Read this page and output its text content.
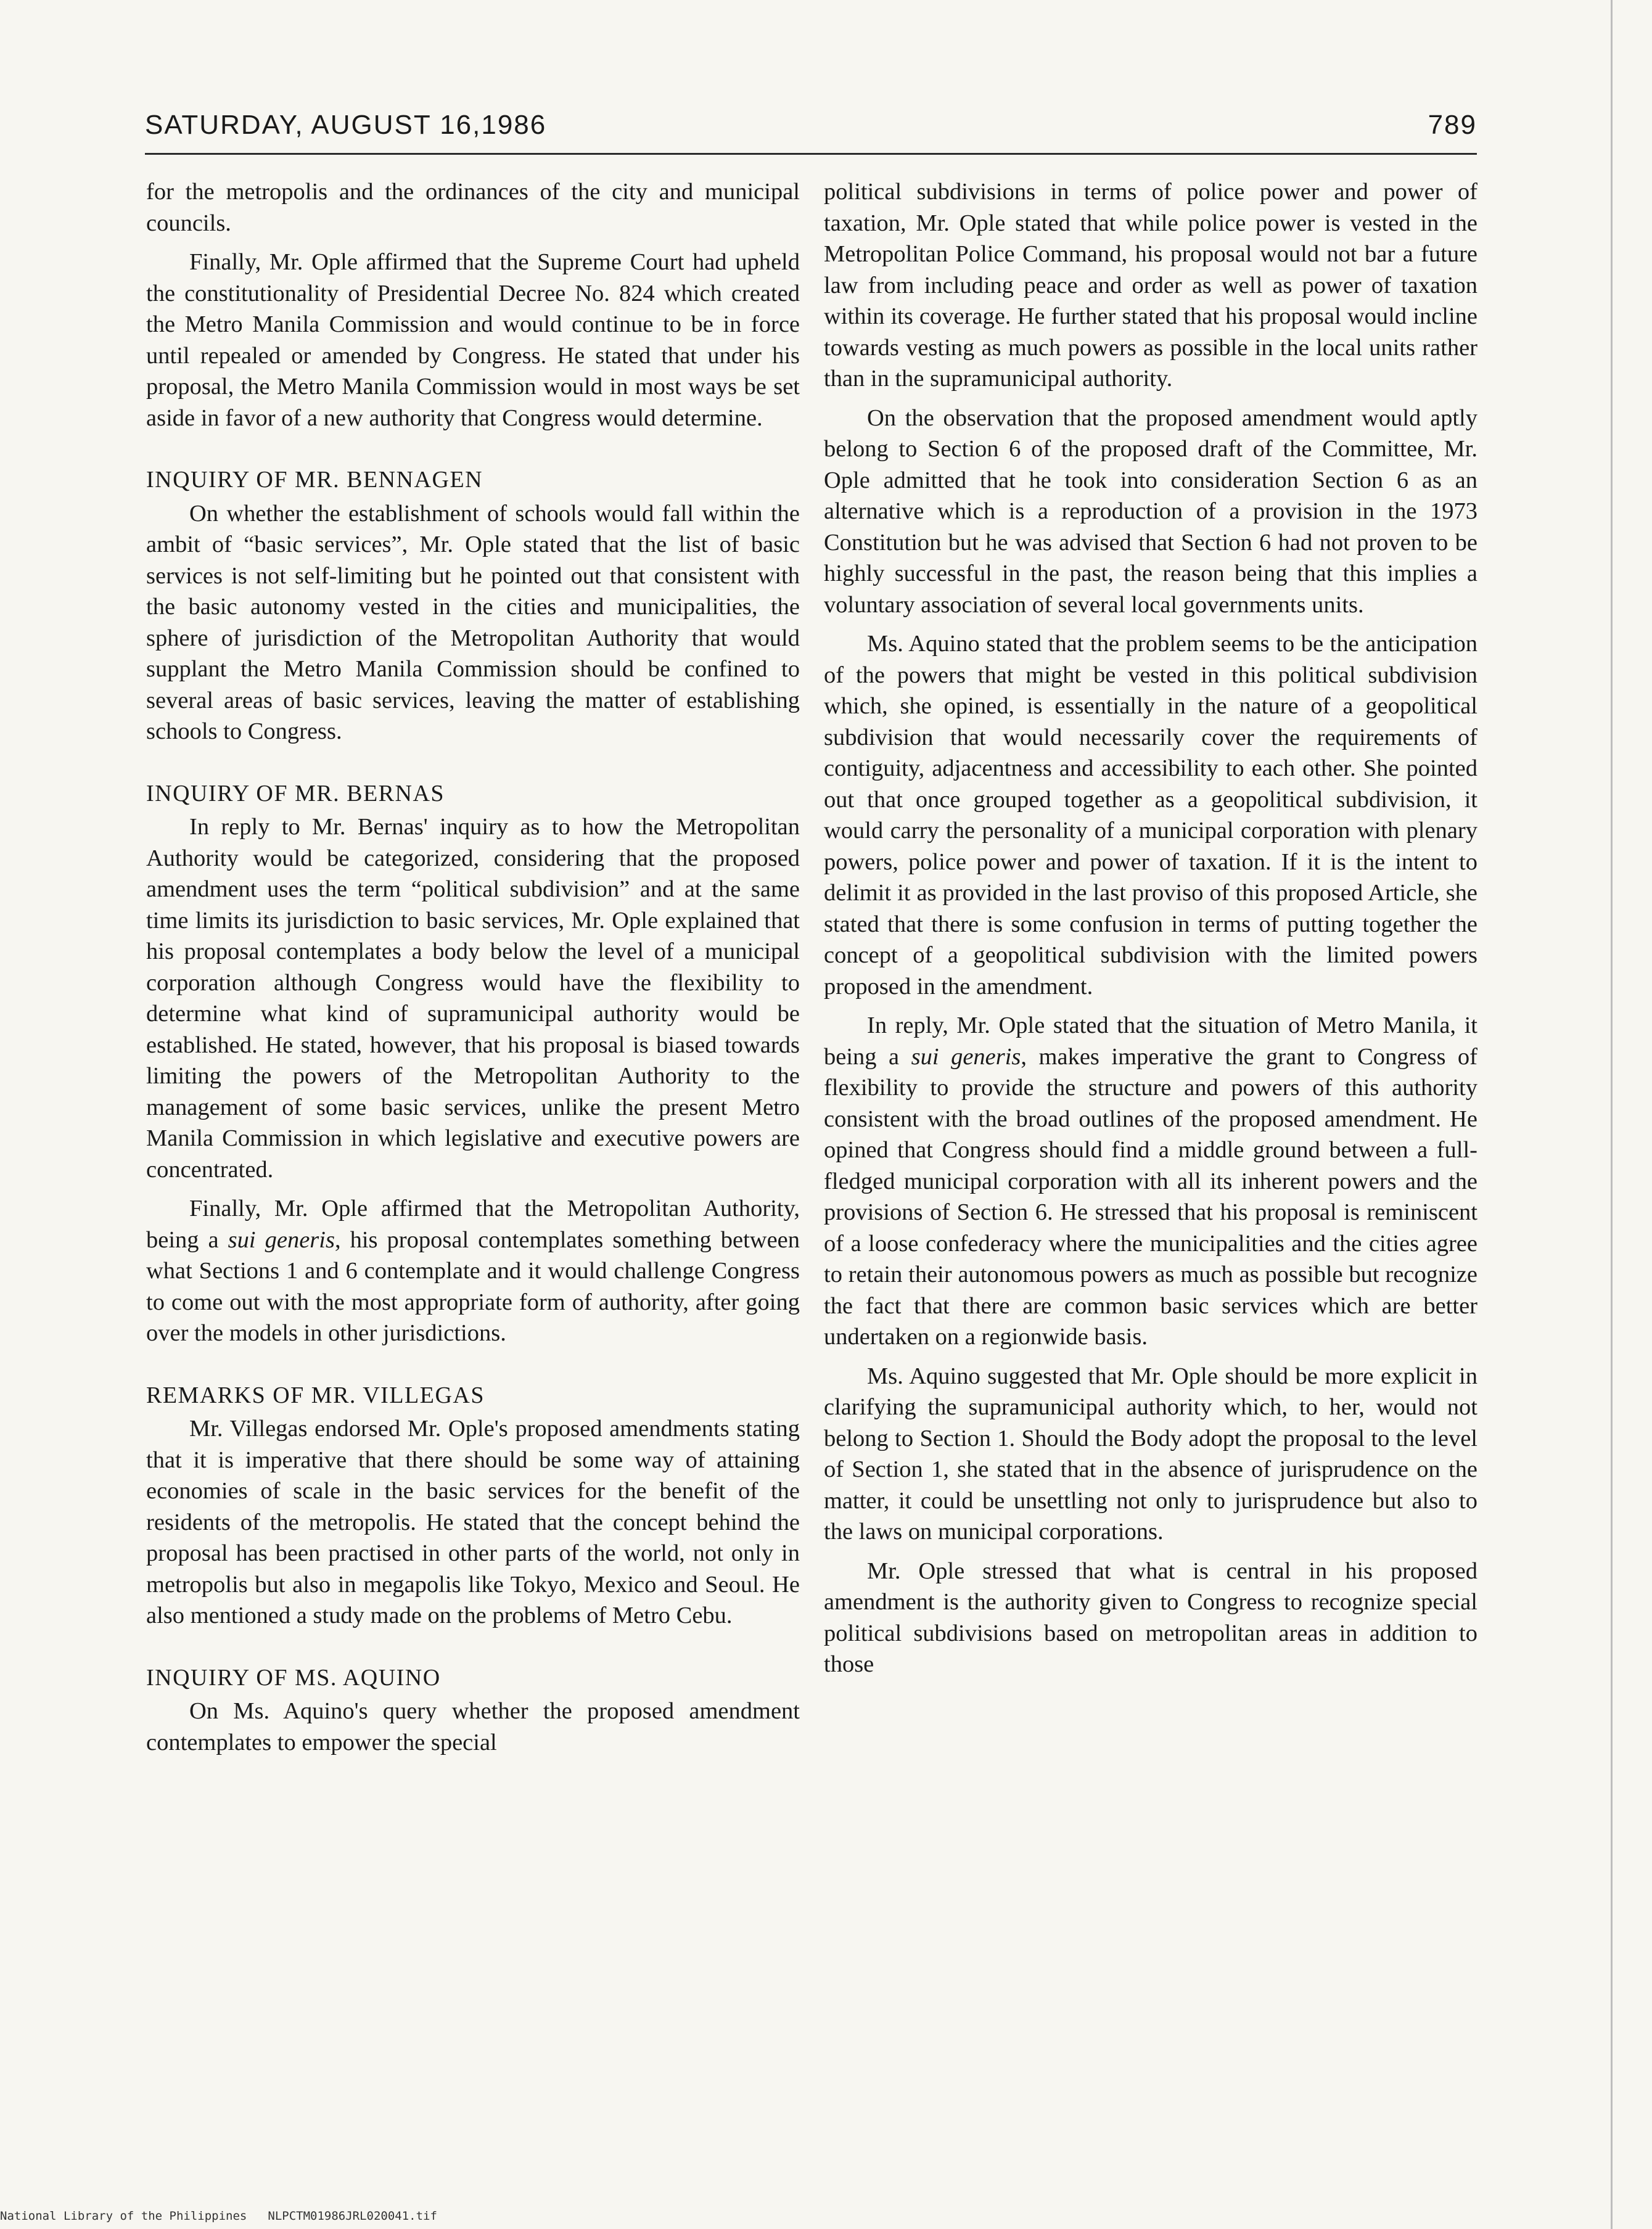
SATURDAY, AUGUST 16,1986	789

for the metropolis and the ordinances of the city and municipal councils.

Finally, Mr. Ople affirmed that the Supreme Court had upheld the constitutionality of Presidential Decree No. 824 which created the Metro Manila Commission and would continue to be in force until repealed or amended by Congress. He stated that under his proposal, the Metro Manila Commission would in most ways be set aside in favor of a new authority that Congress would determine.

INQUIRY OF MR. BENNAGEN

On whether the establishment of schools would fall within the ambit of “basic services”, Mr. Ople stated that the list of basic services is not self-limiting but he pointed out that consistent with the basic autonomy vested in the cities and municipalities, the sphere of jurisdiction of the Metropolitan Authority that would supplant the Metro Manila Commission should be confined to several areas of basic services, leaving the matter of establishing schools to Congress.

INQUIRY OF MR. BERNAS

In reply to Mr. Bernas' inquiry as to how the Metropolitan Authority would be categorized, considering that the proposed amendment uses the term “political subdivision” and at the same time limits its jurisdiction to basic services, Mr. Ople explained that his proposal contemplates a body below the level of a municipal corporation although Congress would have the flexibility to determine what kind of supramunicipal authority would be established. He stated, however, that his proposal is biased towards limiting the powers of the Metropolitan Authority to the management of some basic services, unlike the present Metro Manila Commission in which legislative and executive powers are concentrated.

Finally, Mr. Ople affirmed that the Metropolitan Authority, being a sui generis, his proposal contemplates something between what Sections 1 and 6 contemplate and it would challenge Congress to come out with the most appropriate form of authority, after going over the models in other jurisdictions.

REMARKS OF MR. VILLEGAS

Mr. Villegas endorsed Mr. Ople's proposed amendments stating that it is imperative that there should be some way of attaining economies of scale in the basic services for the benefit of the residents of the metropolis. He stated that the concept behind the proposal has been practised in other parts of the world, not only in metropolis but also in megapolis like Tokyo, Mexico and Seoul. He also mentioned a study made on the problems of Metro Cebu.

INQUIRY OF MS. AQUINO

On Ms. Aquino's query whether the proposed amendment contemplates to empower the special

political subdivisions in terms of police power and power of taxation, Mr. Ople stated that while police power is vested in the Metropolitan Police Command, his proposal would not bar a future law from including peace and order as well as power of taxation within its coverage. He further stated that his proposal would incline towards vesting as much powers as possible in the local units rather than in the supramunicipal authority.

On the observation that the proposed amendment would aptly belong to Section 6 of the proposed draft of the Committee, Mr. Ople admitted that he took into consideration Section 6 as an alternative which is a reproduction of a provision in the 1973 Constitution but he was advised that Section 6 had not proven to be highly successful in the past, the reason being that this implies a voluntary association of several local governments units.

Ms. Aquino stated that the problem seems to be the anticipation of the powers that might be vested in this political subdivision which, she opined, is essentially in the nature of a geopolitical subdivision that would necessarily cover the requirements of contiguity, adjacentness and accessibility to each other. She pointed out that once grouped together as a geopolitical subdivision, it would carry the personality of a municipal corporation with plenary powers, police power and power of taxation. If it is the intent to delimit it as provided in the last proviso of this proposed Article, she stated that there is some confusion in terms of putting together the concept of a geopolitical subdivision with the limited powers proposed in the amendment.

In reply, Mr. Ople stated that the situation of Metro Manila, it being a sui generis, makes imperative the grant to Congress of flexibility to provide the structure and powers of this authority consistent with the broad outlines of the proposed amendment. He opined that Congress should find a middle ground between a full-fledged municipal corporation with all its inherent powers and the provisions of Section 6. He stressed that his proposal is reminiscent of a loose confederacy where the municipalities and the cities agree to retain their autonomous powers as much as possible but recognize the fact that there are common basic services which are better undertaken on a regionwide basis.

Ms. Aquino suggested that Mr. Ople should be more explicit in clarifying the supramunicipal authority which, to her, would not belong to Section 1. Should the Body adopt the proposal to the level of Section 1, she stated that in the absence of jurisprudence on the matter, it could be unsettling not only to jurisprudence but also to the laws on municipal corporations.

Mr. Ople stressed that what is central in his proposed amendment is the authority given to Congress to recognize special political subdivisions based on metropolitan areas in addition to those

National Library of the Philippines NLPCTM01986JRL020041.tif
